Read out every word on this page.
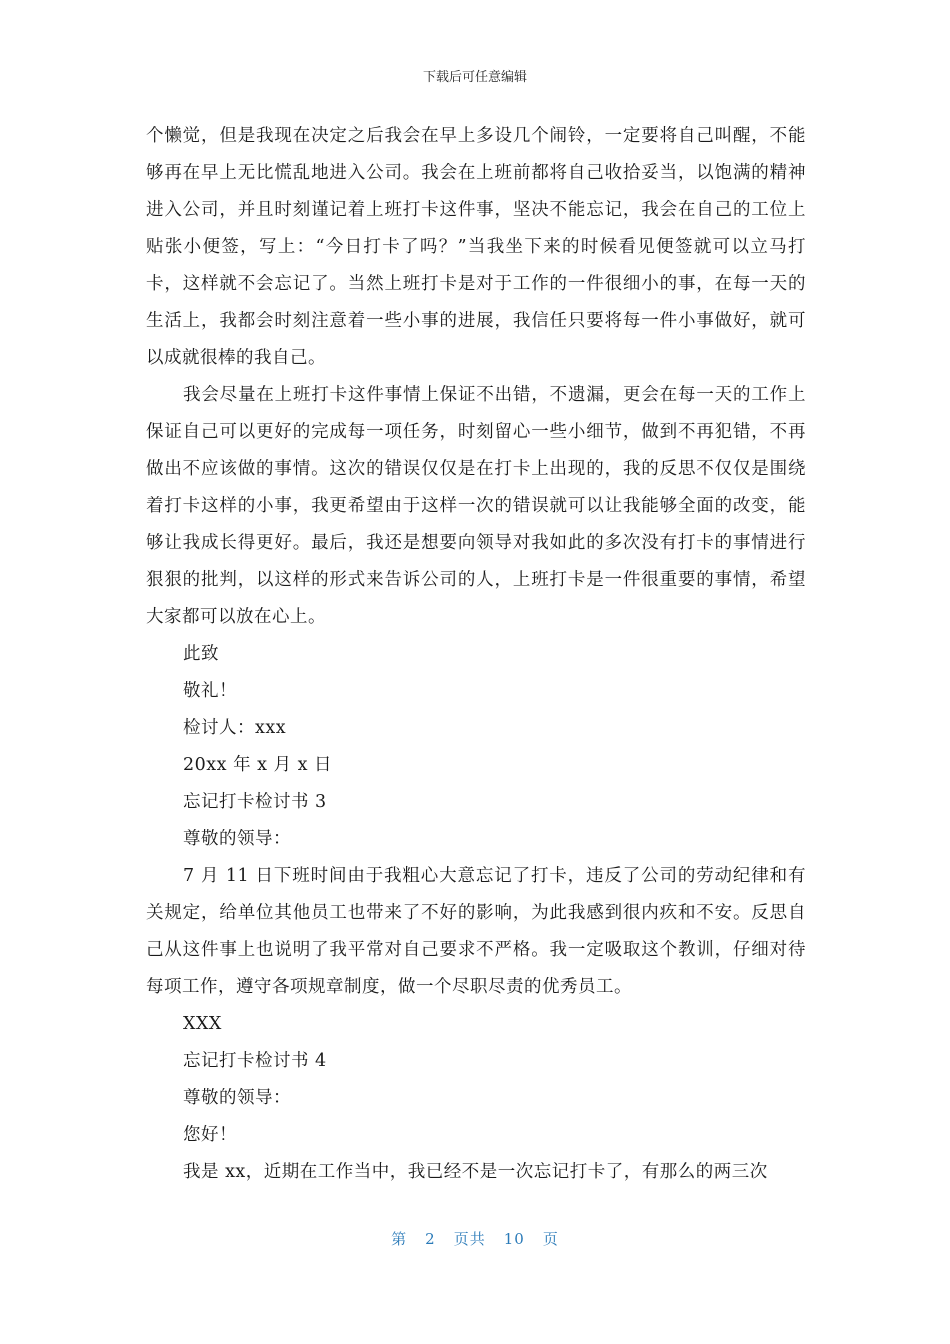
下载后可任意编辑

个懒觉，但是我现在决定之后我会在早上多设几个闹铃，一定要将自己叫醒，不能够再在早上无比慌乱地进入公司。我会在上班前都将自己收拾妥当，以饱满的精神进入公司，并且时刻谨记着上班打卡这件事，坚决不能忘记，我会在自己的工位上贴张小便签，写上：“今日打卡了吗？”当我坐下来的时候看见便签就可以立马打卡，这样就不会忘记了。当然上班打卡是对于工作的一件很细小的事，在每一天的生活上，我都会时刻注意着一些小事的进展，我信任只要将每一件小事做好，就可以成就很棒的我自己。

我会尽量在上班打卡这件事情上保证不出错，不遗漏，更会在每一天的工作上保证自己可以更好的完成每一项任务，时刻留心一些小细节，做到不再犯错，不再做出不应该做的事情。这次的错误仅仅是在打卡上出现的，我的反思不仅仅是围绕着打卡这样的小事，我更希望由于这样一次的错误就可以让我能够全面的改变，能够让我成长得更好。最后，我还是想要向领导对我如此的多次没有打卡的事情进行狠狠的批判，以这样的形式来告诉公司的人，上班打卡是一件很重要的事情，希望大家都可以放在心上。

此致

敬礼！

检讨人：xxx

20xx 年 x 月 x 日

忘记打卡检讨书 3

尊敬的领导：

7 月 11 日下班时间由于我粗心大意忘记了打卡，违反了公司的劳动纪律和有关规定，给单位其他员工也带来了不好的影响，为此我感到很内疚和不安。反思自己从这件事上也说明了我平常对自己要求不严格。我一定吸取这个教训，仔细对待每项工作，遵守各项规章制度，做一个尽职尽责的优秀员工。

XXX

忘记打卡检讨书 4

尊敬的领导：

您好！

我是 xx，近期在工作当中，我已经不是一次忘记打卡了，有那么的两三次

第 2 页共 10 页
